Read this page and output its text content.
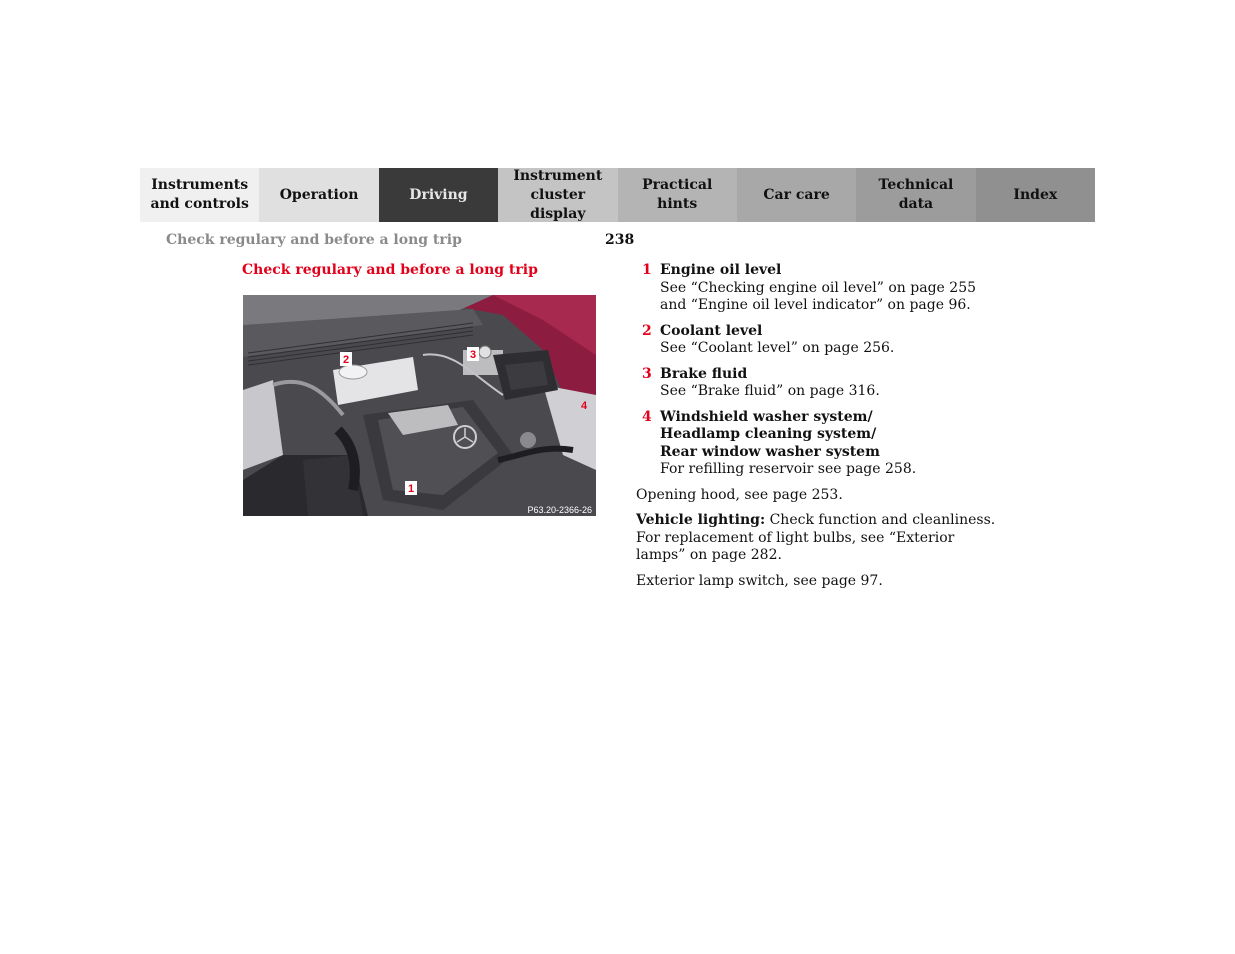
Instruments
and controls
Operation	Driving
Instrument
cluster display
Practical hints
Car care
Technical
data
Index
Check regulary and before a long trip	238
Check regulary and before a long trip
1
2	3
4
P63.20-2366-26
1 Engine oil level
See “Checking engine oil level” on page 255 and “Engine oil level indicator” on page 96.
2 Coolant level
See “Coolant level” on page 256.
3 Brake fluid
See “Brake fluid” on page 316.
4 Windshield washer system/
Headlamp cleaning system/
Rear window washer system
For refilling reservoir see page 258.
Opening hood, see page 253.
Vehicle lighting: Check function and cleanliness. For replacement of light bulbs, see “Exterior lamps” on page 282.
Exterior lamp switch, see page 97.
